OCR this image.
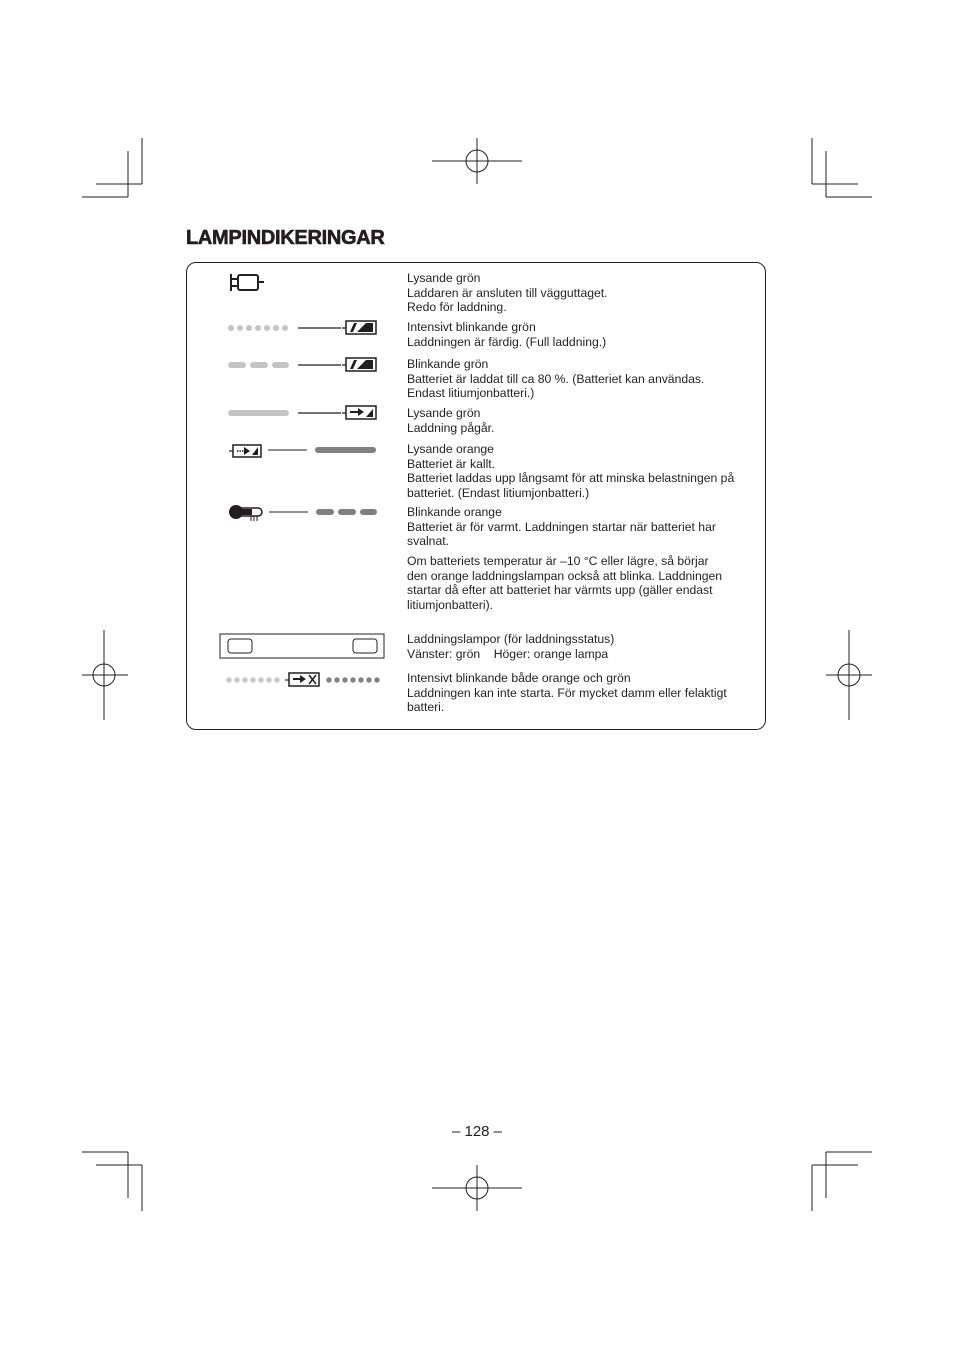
LAMPINDIKERINGAR
Lysande grön
Laddaren är ansluten till vägguttaget.
Redo för laddning.
Intensivt blinkande grön
Laddningen är färdig. (Full laddning.)
Blinkande grön
Batteriet är laddat till ca 80 %. (Batteriet kan användas.
Endast litiumjonbatteri.)
Lysande grön
Laddning pågår.
Lysande orange
Batteriet är kallt.
Batteriet laddas upp långsamt för att minska belastningen på
batteriet. (Endast litiumjonbatteri.)
Blinkande orange
Batteriet är för varmt. Laddningen startar när batteriet har
svalnat.
Om batteriets temperatur är –10 °C eller lägre, så börjar
den orange laddningslampan också att blinka. Laddningen
startar då efter att batteriet har värmts upp (gäller endast
litiumjonbatteri).
Laddningslampor (för laddningsstatus)
Vänster: grön    Höger: orange lampa
Intensivt blinkande både orange och grön
Laddningen kan inte starta. För mycket damm eller felaktigt
batteri.
– 128 –
